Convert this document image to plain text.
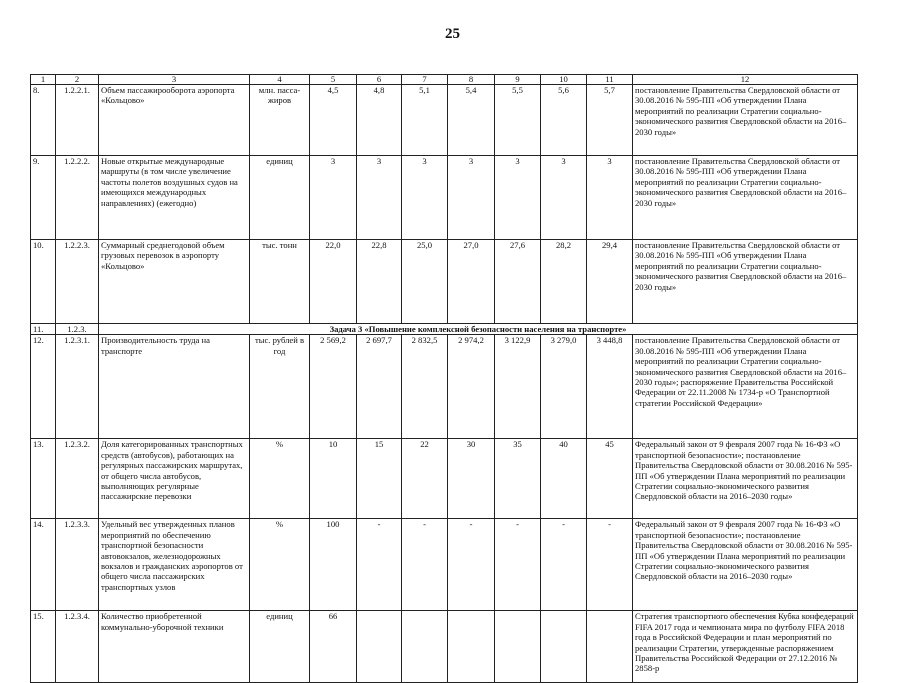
25
1	2	3	4	5	6	7	8	9	10	11	12
8.	1.2.2.1.	Объем пассажирооборота аэропорта «Кольцово»	млн. пасса-жиров	4,5	4,8	5,1	5,4	5,5	5,6	5,7	постановление Правительства Свердловской области от 30.08.2016 № 595-ПП «Об утверждении Плана мероприятий по реализации Стратегии социально-экономического развития Свердловской области на 2016–2030 годы»
9.	1.2.2.2.	Новые открытые международные маршруты (в том числе увеличение частоты полетов воздушных судов на имеющихся международных направлениях) (ежегодно)	единиц	3	3	3	3	3	3	3	постановление Правительства Свердловской области от 30.08.2016 № 595-ПП «Об утверждении Плана мероприятий по реализации Стратегии социально-экономического развития Свердловской области на 2016–2030 годы»
10.	1.2.2.3.	Суммарный среднегодовой объем грузовых перевозок в аэропорту «Кольцово»	тыс. тонн	22,0	22,8	25,0	27,0	27,6	28,2	29,4	постановление Правительства Свердловской области от 30.08.2016 № 595-ПП «Об утверждении Плана мероприятий по реализации Стратегии социально-экономического развития Свердловской области на 2016–2030 годы»
11.	1.2.3.	Задача 3 «Повышение комплексной безопасности населения на транспорте»									
12.	1.2.3.1.	Производительность труда на транспорте	тыс. рублей в год	2 569,2	2 697,7	2 832,5	2 974,2	3 122,9	3 279,0	3 448,8	постановление Правительства Свердловской области от 30.08.2016 № 595-ПП «Об утверждении Плана мероприятий по реализации Стратегии социально-экономического развития Свердловской области на 2016–2030 годы»; распоряжение Правительства Российской Федерации от 22.11.2008 № 1734-р «О Транспортной стратегии Российской Федерации»
13.	1.2.3.2.	Доля категорированных транспортных средств (автобусов), работающих на регулярных пассажирских маршрутах, от общего числа автобусов, выполняющих регулярные пассажирские перевозки	%	10	15	22	30	35	40	45	Федеральный закон от 9 февраля 2007 года № 16-ФЗ «О транспортной безопасности»; постановление Правительства Свердловской области от 30.08.2016 № 595-ПП «Об утверждении Плана мероприятий по реализации Стратегии социально-экономического развития Свердловской области на 2016–2030 годы»
14.	1.2.3.3.	Удельный вес утвержденных планов мероприятий по обеспечению транспортной безопасности автовокзалов, железнодорожных вокзалов и гражданских аэропортов от общего числа пассажирских транспортных узлов	%	100	-	-	-	-	-	-	Федеральный закон от 9 февраля 2007 года № 16-ФЗ «О транспортной безопасности»; постановление Правительства Свердловской области от 30.08.2016 № 595-ПП «Об утверждении Плана мероприятий по реализации Стратегии социально-экономического развития Свердловской области на 2016–2030 годы»
15.	1.2.3.4.	Количество приобретенной коммунально-уборочной техники	единиц	66							Стратегия транспортного обеспечения Кубка конфедераций FIFA 2017 года и чемпионата мира по футболу FIFA 2018 года в Российской Федерации и план мероприятий по реализации Стратегии, утвержденные распоряжением Правительства Российской Федерации от 27.12.2016 № 2858-р
